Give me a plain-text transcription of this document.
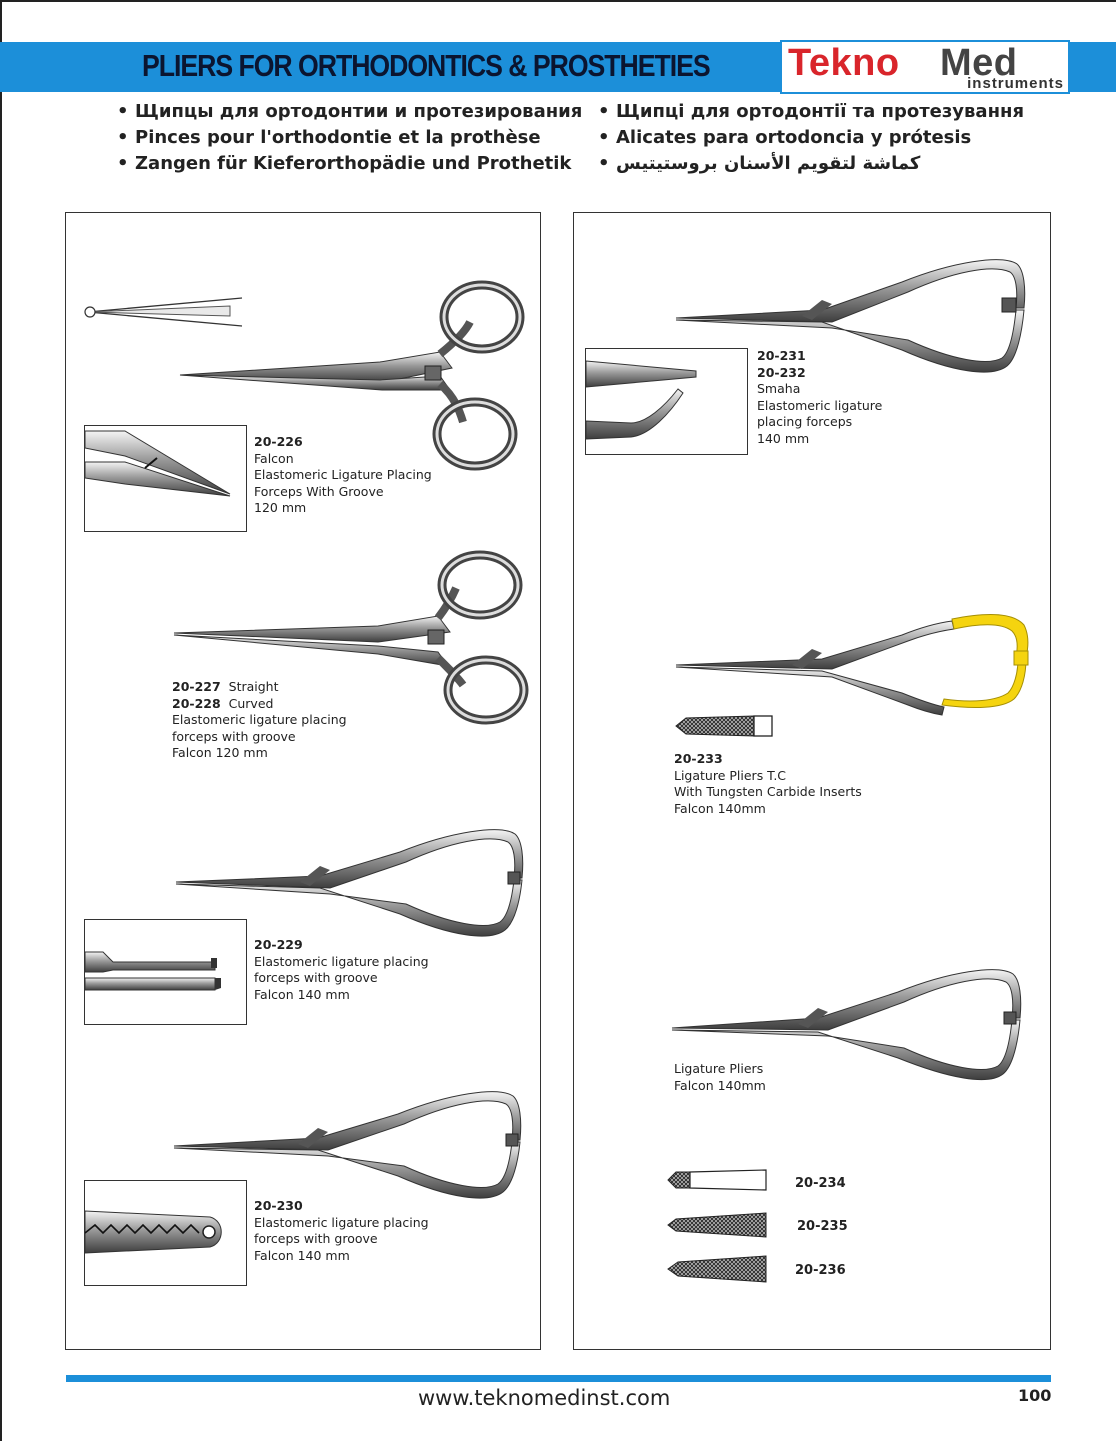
PLIERS FOR ORTHODONTICS & PROSTHETIES Tekno Med
instruments
• Щипцы для ортодонтии и протезирования
• Pinces pour l'orthodontie et la prothèse
• Zangen für Kieferorthopädie und Prothetik
• Щипці для ортодонтії та протезування
• Alicates para ortodoncia y prótesis
• كماشة لتقويم الأسنان بروستيتيس
20-226
Falcon
Elastomeric Ligature Placing
Forceps With Groove
120 mm
20-227 Straight
20-228 Curved
Elastomeric ligature placing
forceps with groove
Falcon 120 mm
20-229
Elastomeric ligature placing
forceps with groove
Falcon 140 mm
20-230
Elastomeric ligature placing
forceps with groove
Falcon 140 mm
20-231
20-232
Smaha
Elastomeric ligature
placing forceps
140 mm
20-233
Ligature Pliers T.C
With Tungsten Carbide Inserts
Falcon 140mm
Ligature Pliers
Falcon 140mm
20-234
20-235
20-236
www.teknomedinst.com	100
